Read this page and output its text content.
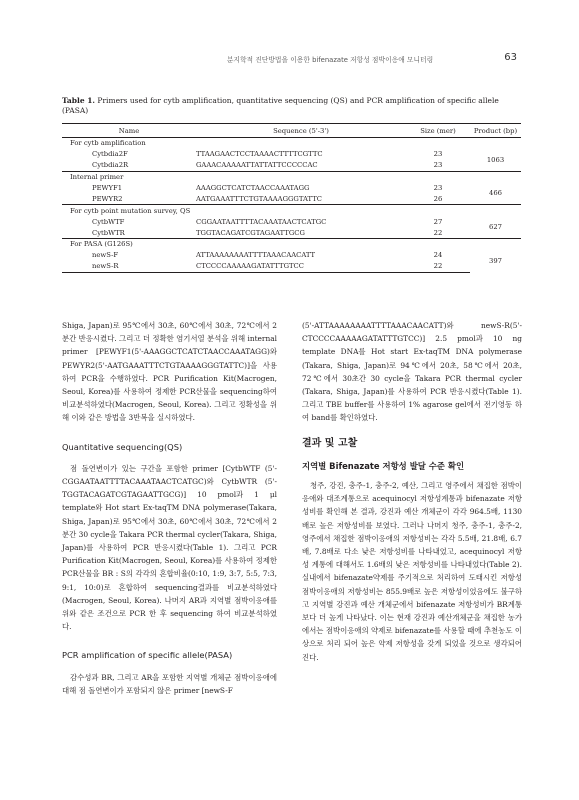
분지학적 진단방법을 이용한 bifenazate 저항성 점박이응애 모니터링	63

Table 1. Primers used for cytb amplification, quantitative sequencing (QS) and PCR amplification of specific allele (PASA)

Name	Sequence (5'-3')	Size (mer)	Product (bp)
For cytb amplification			
Cytbdia2F	TTAAGAACTCCTAAAACTTTTCGTTC	23	1063
Cytbdia2R	GAAACAAAAATTATTATTCCCCCAC	23	
Internal primer			
PEWYF1	AAAGGCTCATCTAACCAAATAGG	23	466
PEWYR2	AATGAAATTTCTGTAAAAGGGTATTC	26	
For cytb point mutation survey, QS			
CytbWTF	CGGAATAATTTTACAAATAACTCATGC	27	627
CytbWTR	TGGTACAGATCGTAGAATTGCG	22	
For PASA (G126S)			
newS-F	ATTAAAAAAAATTTTAAACAACATT	24	397
newS-R	CTCCCCAAAAAGATATTTGTCC	22	

Shiga, Japan)로 95℃에서 30초, 60℃에서 30초, 72℃에서 2분간 반응시켰다. 그리고 더 정확한 염기서열 분석을 위해 internal primer [PEWYF1(5'-AAAGGCTCATCTAACCAAATAGG)와 PEWYR2(5'-AATGAAATTTCTGTAAAAGGGTATTC)]을 사용하여 PCR을 수행하였다. PCR Purification Kit(Macrogen, Seoul, Korea)를 사용하여 정제한 PCR산물을 sequencing하여 비교분석하였다(Macrogen, Seoul, Korea). 그리고 정확성을 위해 이와 같은 방법을 3반복을 실시하였다.

Quantitative sequencing(QS)

점 돌연변이가 있는 구간을 포함한 primer [CytbWTF (5'-CGGAATAATTTTACAAATAACTCATGC)와 CytbWTR (5'-TGGTACAGATCGTAGAATTGCG)] 10 pmol과 1 μl template와 Hot start Ex-taqTM DNA polymerase(Takara, Shiga, Japan)로 95℃에서 30초, 60℃에서 30초, 72℃에서 2분간 30 cycle을 Takara PCR thermal cycler(Takara, Shiga, Japan)를 사용하여 PCR 반응시켰다(Table 1). 그리고 PCR Purification Kit(Macrogen, Seoul, Korea)를 사용하여 정제한 PCR산물을 BR : S의 각각의 혼합비율(0:10, 1:9, 3:7, 5:5, 7:3, 9:1, 10:0)로 혼합하여 sequencing결과를 비교분석하였다(Macrogen, Seoul, Korea). 나머지 AR과 지역별 점박이응애를 위와 같은 조건으로 PCR 한 후 sequencing 하여 비교분석하였다.

PCR amplification of specific allele(PASA)

감수성과 BR, 그리고 AR을 포함한 지역별 개체군 점박이응애에 대해 점 돌연변이가 포함되지 않은 primer [newS-F

(5'-ATTAAAAAAAATTTTAAACAACATT)와 newS-R(5'-CTCCCCAAAAAGATATTTGTCC)] 2.5 pmol과 10 ng template DNA를 Hot start Ex-taqTM DNA polymerase (Takara, Shiga, Japan)로 94℃에서 20초, 58℃에서 20초, 72℃에서 30초간 30 cycle을 Takara PCR thermal cycler (Takara, Shiga, Japan)를 사용하여 PCR 반응시켰다(Table 1). 그리고 TBE buffer를 사용하여 1% agarose gel에서 전기영동 하여 band를 확인하였다.

결과 및 고찰
지역별 Bifenazate 저항성 발달 수준 확인

청주, 강진, 충주-1, 충주-2, 예산, 그리고 영주에서 채집한 점박이응애와 대조계통으로 acequinocyl 저항성계통과 bifenazate 저항성비를 확인해 본 결과, 강진과 예산 개체군이 각각 964.5배, 1130배로 높은 저항성비를 보였다. 그러나 나머지 청주, 충주-1, 충주-2, 영주에서 채집한 점박이응애의 저항성비는 각각 5.5배, 21.8배, 6.7배, 7.8배로 다소 낮은 저항성비를 나타내었고, acequinocyl 저항성 계통에 대해서도 1.6배의 낮은 저항성비를 나타내었다(Table 2). 실내에서 bifenazate약제를 주기적으로 처리하여 도태시킨 저항성 점박이응애의 저항성비는 855.9배로 높은 저항성이었음에도 불구하고 지역별 강진과 예산 개체군에서 bifenazate 저항성비가 BR계통보다 더 높게 나타났다. 이는 현재 강진과 예산개체군을 채집한 농가에서는 점박이응애의 약제로 bifenazate를 사용할 때에 추천농도 이상으로 처리 되어 높은 약제 저항성을 갖게 되었을 것으로 생각되어진다.
